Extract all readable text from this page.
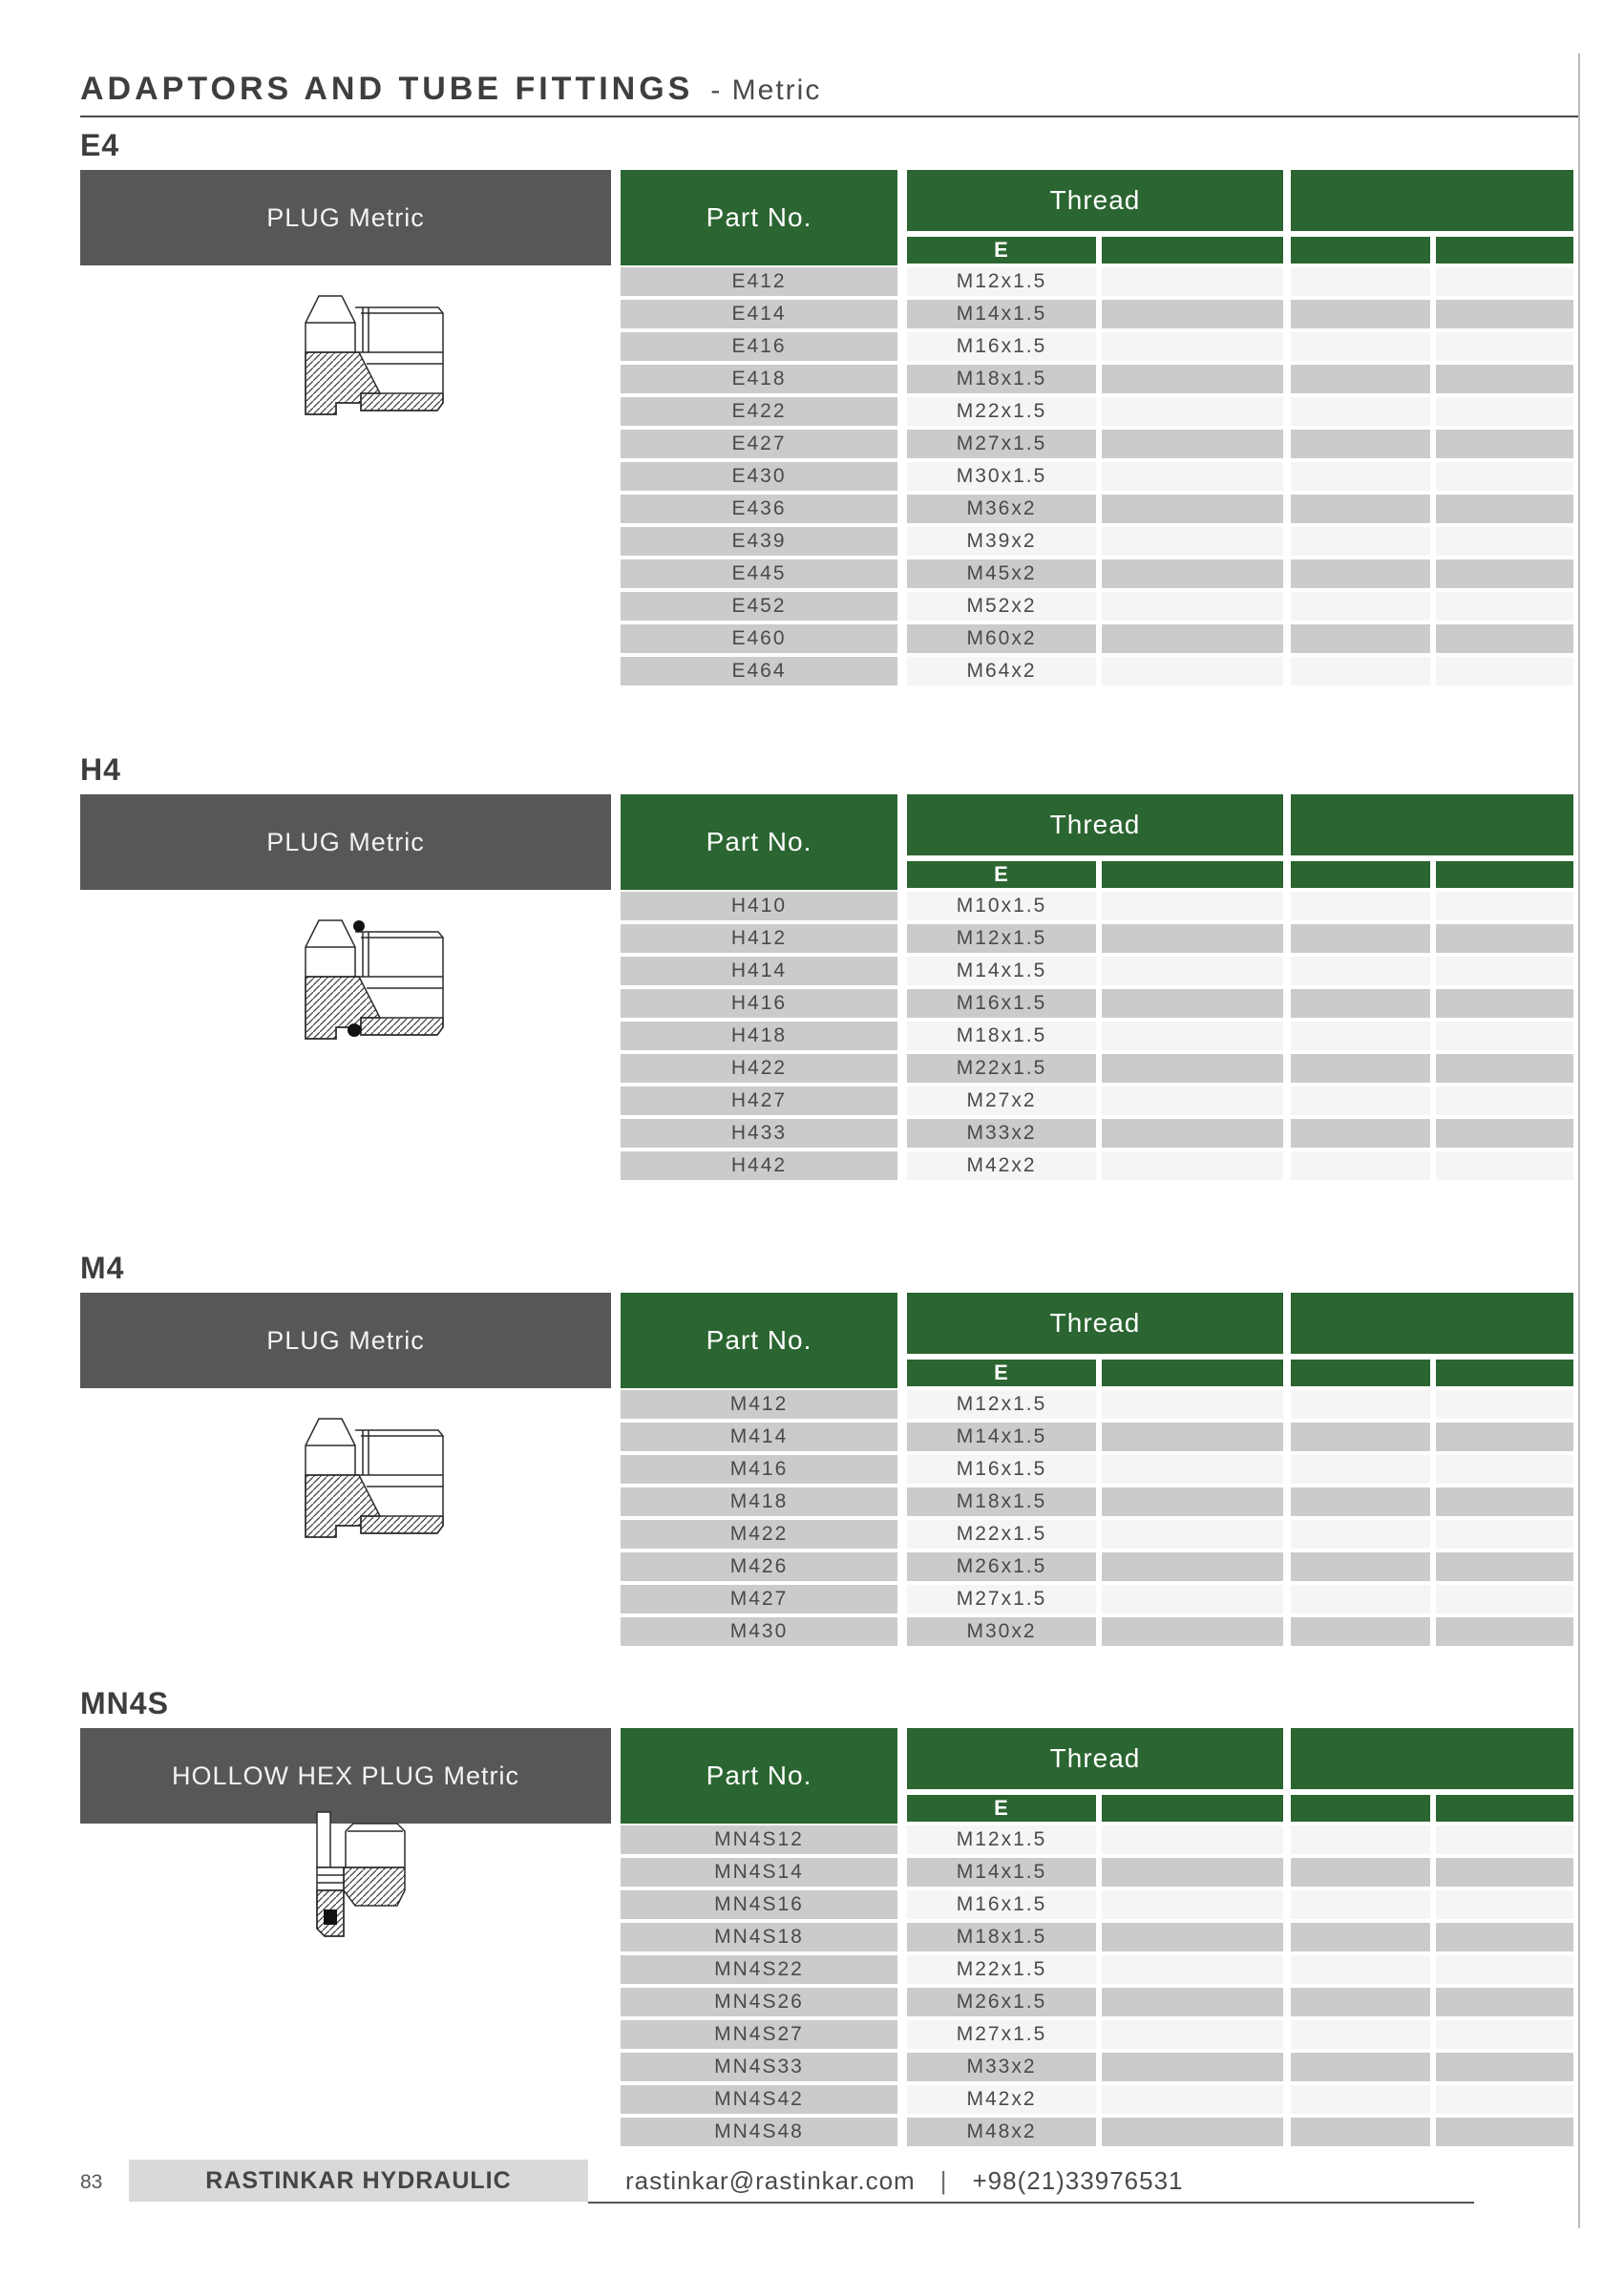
ADAPTORS AND TUBE FITTINGS - Metric
E4
PLUG Metric	Part No.
Thread
E
E412	M12x1.5
E414	M14x1.5
E416	M16x1.5
E418	M18x1.5
E422	M22x1.5
E427	M27x1.5
E430	M30x1.5
E436	M36x2
E439	M39x2
E445	M45x2
E452	M52x2
E460	M60x2
E464	M64x2
H4
PLUG Metric	Part No.
Thread
E
H410	M10x1.5
H412	M12x1.5
H414	M14x1.5
H416	M16x1.5
H418	M18x1.5
H422	M22x1.5
H427	M27x2
H433	M33x2
H442	M42x2
M4
PLUG Metric	Part No.
Thread
E
M412	M12x1.5
M414	M14x1.5
M416	M16x1.5
M418	M18x1.5
M422	M22x1.5
M426	M26x1.5
M427	M27x1.5
M430	M30x2
MN4S
HOLLOW HEX PLUG Metric	Part No.
Thread
E
MN4S12	M12x1.5
MN4S14	M14x1.5
MN4S16	M16x1.5
MN4S18	M18x1.5
MN4S22	M22x1.5
MN4S26	M26x1.5
MN4S27	M27x1.5
MN4S33	M33x2
MN4S42	M42x2
MN4S48	M48x2
83	RASTINKAR HYDRAULIC	rastinkar@rastinkar.com | +98(21)33976531
